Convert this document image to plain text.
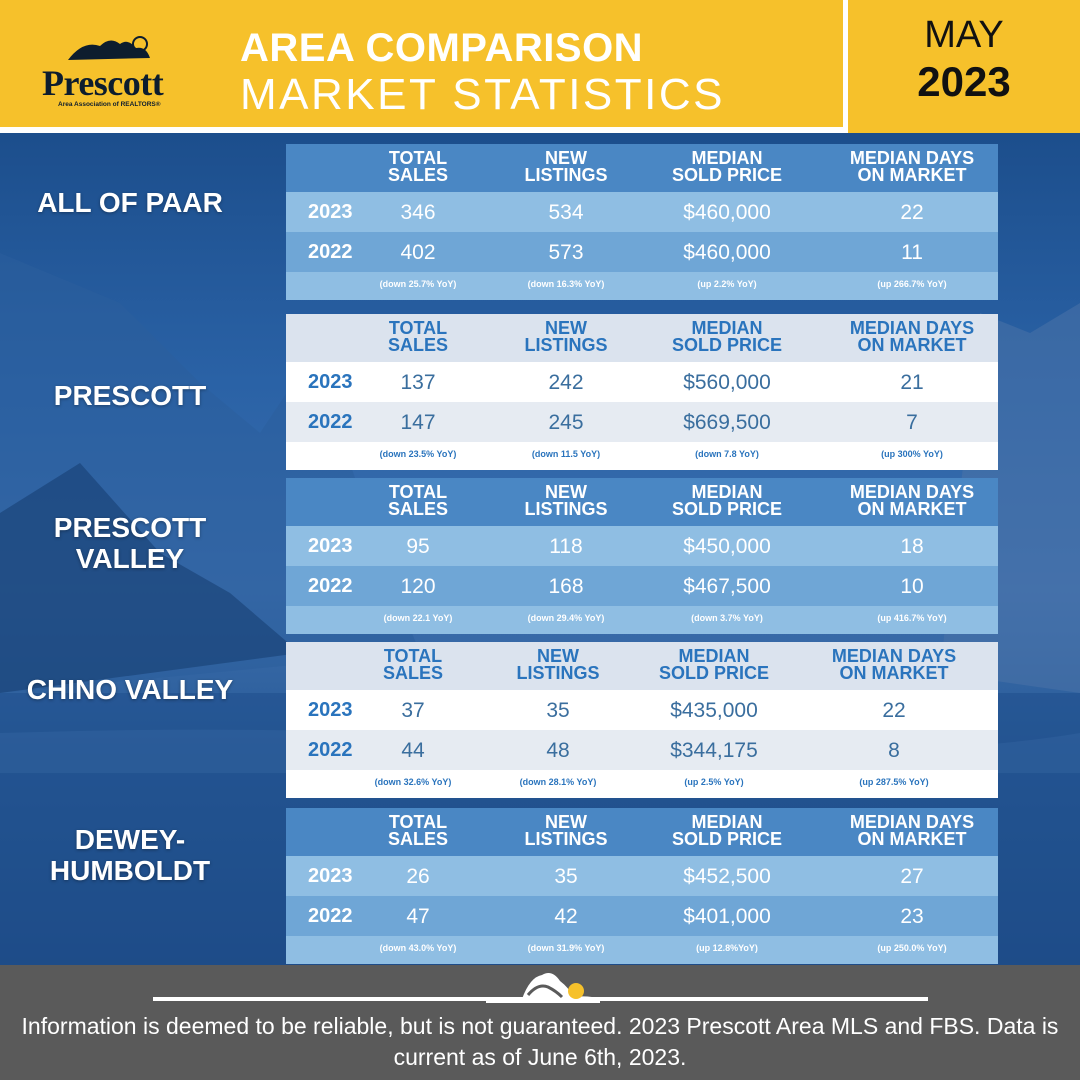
Prescott
Area Association of REALTORS®
AREA COMPARISON
MARKET STATISTICS
MAY
2023
ALL OF PAAR
PRESCOTT
PRESCOTT VALLEY
CHINO VALLEY
DEWEY-HUMBOLDT
TOTAL
SALES
NEW
LISTINGS
MEDIAN
SOLD PRICE
MEDIAN DAYS
ON MARKET
2023 346	534	$460,000	22
2022 402	573	$460,000	11
(down 25.7% YoY)	(down 16.3% YoY)	(up 2.2% YoY)	(up 266.7% YoY)
TOTAL
SALES
NEW
LISTINGS
MEDIAN
SOLD PRICE
MEDIAN DAYS
ON MARKET
2023 137	242	$560,000	21
2022 147	245	$669,500	7
(down 23.5% YoY)	(down 11.5 YoY)	(down 7.8 YoY)	(up 300% YoY)
TOTAL
SALES
NEW
LISTINGS
MEDIAN
SOLD PRICE
MEDIAN DAYS
ON MARKET
2023	95	118	$450,000	18
2022 120	168	$467,500	10
(down 22.1 YoY)	(down 29.4% YoY)	(down 3.7% YoY)	(up 416.7% YoY)
TOTAL
SALES
NEW
LISTINGS
MEDIAN
SOLD PRICE
MEDIAN DAYS
ON MARKET
2023 37	35	$435,000	22
2022 44	48	$344,175	8
(down 32.6% YoY)	(down 28.1% YoY)	(up 2.5% YoY)	(up 287.5% YoY)
TOTAL
SALES
NEW
LISTINGS
MEDIAN
SOLD PRICE
MEDIAN DAYS
ON MARKET
2023	26	35	$452,500	27
2022	47	42	$401,000	23
(down 43.0% YoY)	(down 31.9% YoY)	(up 12.8%YoY)	(up 250.0% YoY)
Information is deemed to be reliable, but is not guaranteed. 2023 Prescott Area MLS and FBS. Data is current as of June 6th, 2023.
